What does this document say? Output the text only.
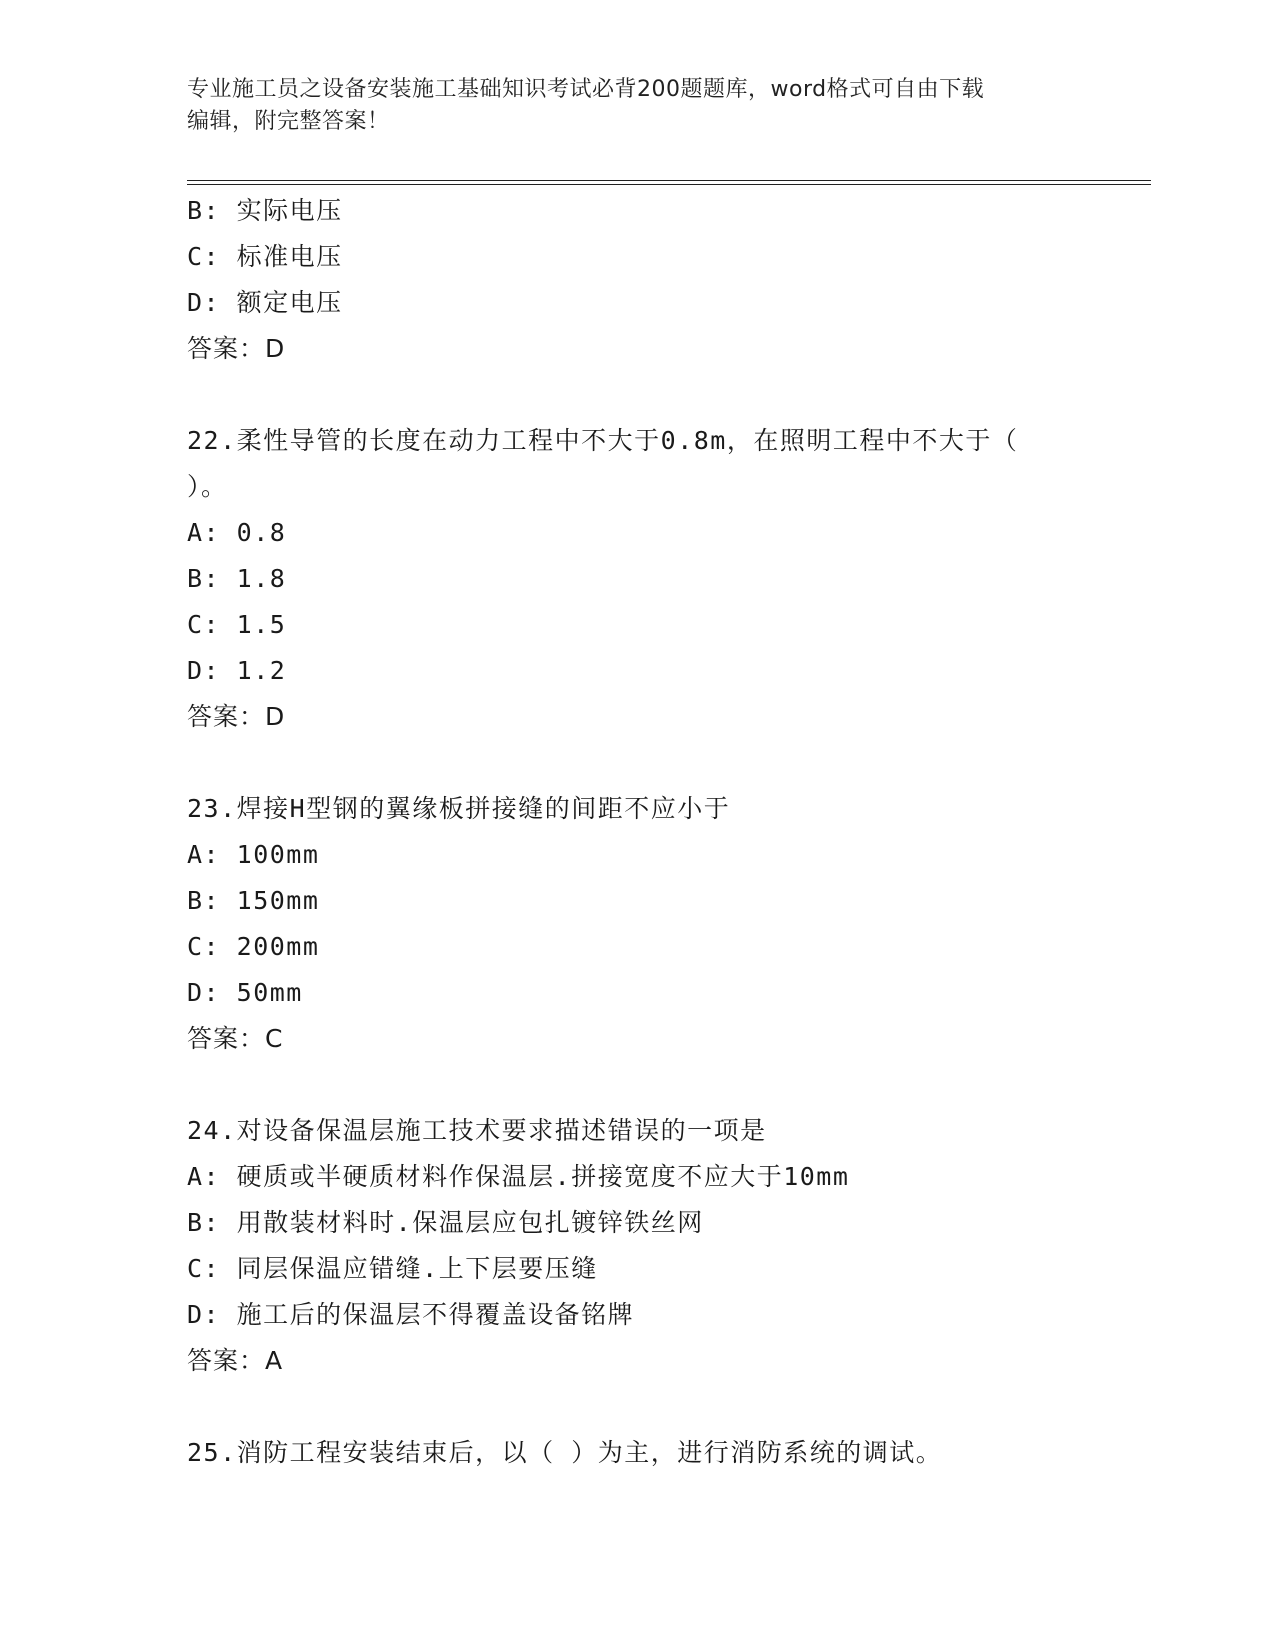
专业施工员之设备安装施工基础知识考试必背200题题库，word格式可自由下载
编辑，附完整答案！
B: 实际电压
C: 标准电压
D: 额定电压
答案：D
22.柔性导管的长度在动力工程中不大于0.8m，在照明工程中不大于（
）。
A: 0.8
B: 1.8
C: 1.5
D: 1.2
答案：D
23.焊接H型钢的翼缘板拼接缝的间距不应小于
A: 100mm
B: 150mm
C: 200mm
D: 50mm
答案：C
24.对设备保温层施工技术要求描述错误的一项是
A: 硬质或半硬质材料作保温层.拼接宽度不应大于10mm
B: 用散装材料时.保温层应包扎镀锌铁丝网
C: 同层保温应错缝.上下层要压缝
D: 施工后的保温层不得覆盖设备铭牌
答案：A
25.消防工程安装结束后，以（ ）为主，进行消防系统的调试。
